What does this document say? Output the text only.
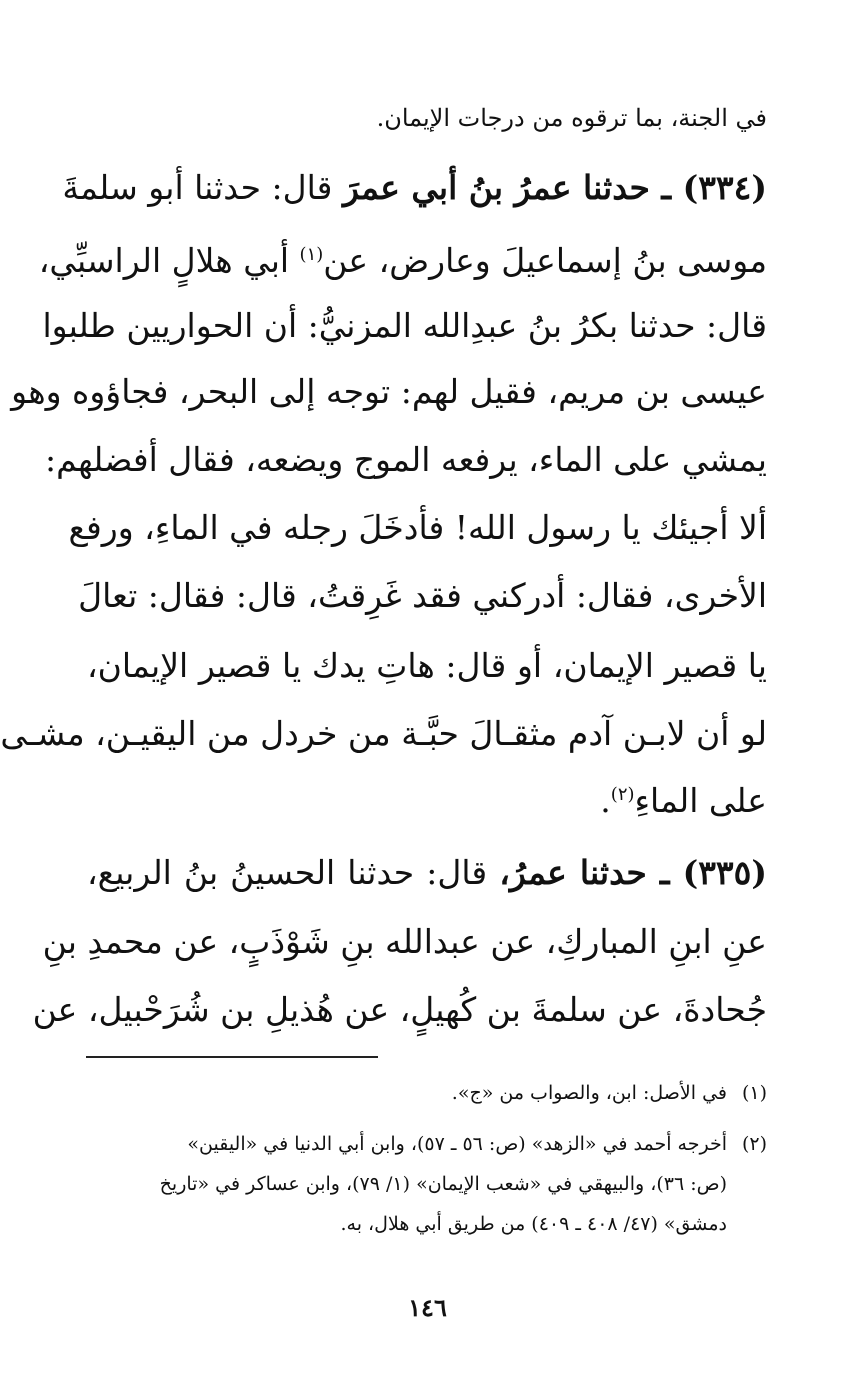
في الجنة، بما ترقوه من درجات الإيمان.
(٣٣٤) ـ حدثنا عمرُ بنُ أبي عمرَ قال: حدثنا أبو سلمةَ
موسى بنُ إسماعيلَ وعارض، عن$^{(١)}$ أبي هلالٍ الراسبِّي،
قال: حدثنا بكرُ بنُ عبدِالله المزنيُّ: أن الحواريين طلبوا
عيسى بن مريم، فقيل لهم: توجه إلى البحر، فجاؤوه وهو
يمشي على الماء، يرفعه الموج ويضعه، فقال أفضلهم:
ألا أجيئك يا رسول الله! فأدخَلَ رجله في الماءِ، ورفع
الأخرى، فقال: أدركني فقد غَرِقتُ، قال: فقال: تعالَ
يا قصير الإيمان، أو قال: هاتِ يدك يا قصير الإيمان،
لو أن لابـن آدم مثقـالَ حبَّـة من خردل من اليقيـن، مشـى
على الماءِ$^{(٢)}$.
(٣٣٥) ـ حدثنا عمرُ، قال: حدثنا الحسينُ بنُ الربيع،
عنِ ابنِ المباركِ، عن عبدالله بنِ شَوْذَبٍ، عن محمدِ بنِ
جُحادةَ، عن سلمةَ بن كُهيلٍ، عن هُذيلِ بن شُرَحْبيل، عن
(١)في الأصل: ابن، والصواب من «ج».
(٢)أخرجه أحمد في «الزهد» (ص: ٥٦ ـ ٥٧)، وابن أبي الدنيا في «اليقين»
(ص: ٣٦)، والبيهقي في «شعب الإيمان» (١/ ٧٩)، وابن عساكر في «تاريخ
دمشق» (٤٧/ ٤٠٨ ـ ٤٠٩) من طريق أبي هلال، به.
١٤٦
